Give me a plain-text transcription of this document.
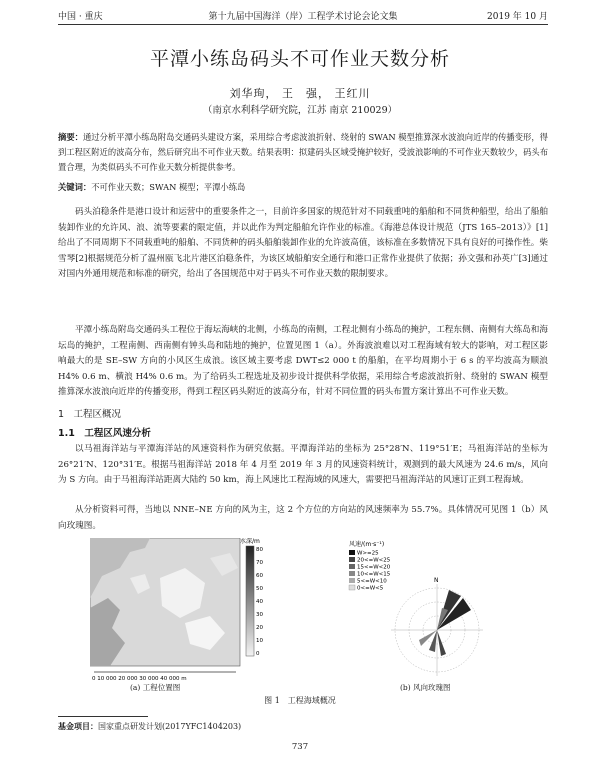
中国 · 重庆	第十九届中国海洋（岸）工程学术讨论会论文集	2019 年 10 月
平潭小练岛码头不可作业天数分析
刘华珣， 王　强， 王红川
（南京水利科学研究院，江苏 南京 210029）
摘要：通过分析平潭小练岛附岛交通码头建设方案，采用综合考虑波浪折射、绕射的 SWAN 模型推算深水波浪向近岸的传播变形，得到工程区附近的波高分布，然后研究出不可作业天数。结果表明：拟建码头区域受掩护较好，受波浪影响的不可作业天数较少，码头布置合理，为类似码头不可作业天数分析提供参考。
关键词：不可作业天数；SWAN 模型；平潭小练岛

码头泊稳条件是港口设计和运营中的重要条件之一，目前许多国家的规范针对不同载重吨的船舶和不同货种船型，给出了船舶装卸作业的允许风、浪、流等要素的限定值，并以此作为判定船舶允许作业的标准。《海港总体设计规范（JTS 165–2013）》[1]给出了不同周期下不同载重吨的船舶、不同货种的码头船舶装卸作业的允许波高值，该标准在多数情况下具有良好的可操作性。柴雪琴[2]根据规范分析了温州瓯飞北片港区泊稳条件，为该区域船舶安全通行和港口正常作业提供了依据；孙文强和孙英广[3]通过对国内外通用规范和标准的研究，给出了各国规范中对于码头不可作业天数的限制要求。

平潭小练岛附岛交通码头工程位于海坛海峡的北侧，小练岛的南侧，工程北侧有小练岛的掩护，工程东侧、南侧有大练岛和海坛岛的掩护，工程南侧、西南侧有钟头岛和陆地的掩护，位置见图 1（a）。外海波浪难以对工程海域有较大的影响，对工程区影响最大的是 SE–SW 方向的小风区生成浪。该区域主要考虑 DWT≤2 000 t 的船舶，在平均周期小于 6 s 的平均波高为顺浪 H4% 0.6 m、横浪 H4% 0.6 m。为了给码头工程选址及初步设计提供科学依据，采用综合考虑波浪折射、绕射的 SWAN 模型推算深水波浪向近岸的传播变形，得到工程区码头附近的波高分布，针对不同位置的码头布置方案计算出不可作业天数。

1　工程区概况
1.1　工程区风速分析

以马祖海洋站与平潭海洋站的风速资料作为研究依据。平潭海洋站的坐标为 25°28′N、119°51′E；马祖海洋站的坐标为 26°21′N、120°31′E。根据马祖海洋站 2018 年 4 月至 2019 年 3 月的风速资料统计，观测到的最大风速为 24.6 m/s，风向为 S 方向。由于马祖海洋站距离大陆约 50 km，海上风速比工程海域的风速大，需要把马祖海洋站的风速订正到工程海域。

从分析资料可得，当地以 NNE–NE 方向的风为主，这 2 个方位的方向站的风速频率为 55.7%。具体情况可见图 1（b）风向玫瑰图。

水深/m
80
70
60
50
40
30
20
10
0
0 10 000 20 000 30 000 40 000 m
N
风速/(m·s⁻¹)
W>=25
20<=W<25
15<=W<20
10<=W<15
5<=W<10
0<=W<5
(a) 工程位置图	(b) 风向玫瑰图
图 1　工程海域概况
基金项目：国家重点研发计划(2017YFC1404203)
737
